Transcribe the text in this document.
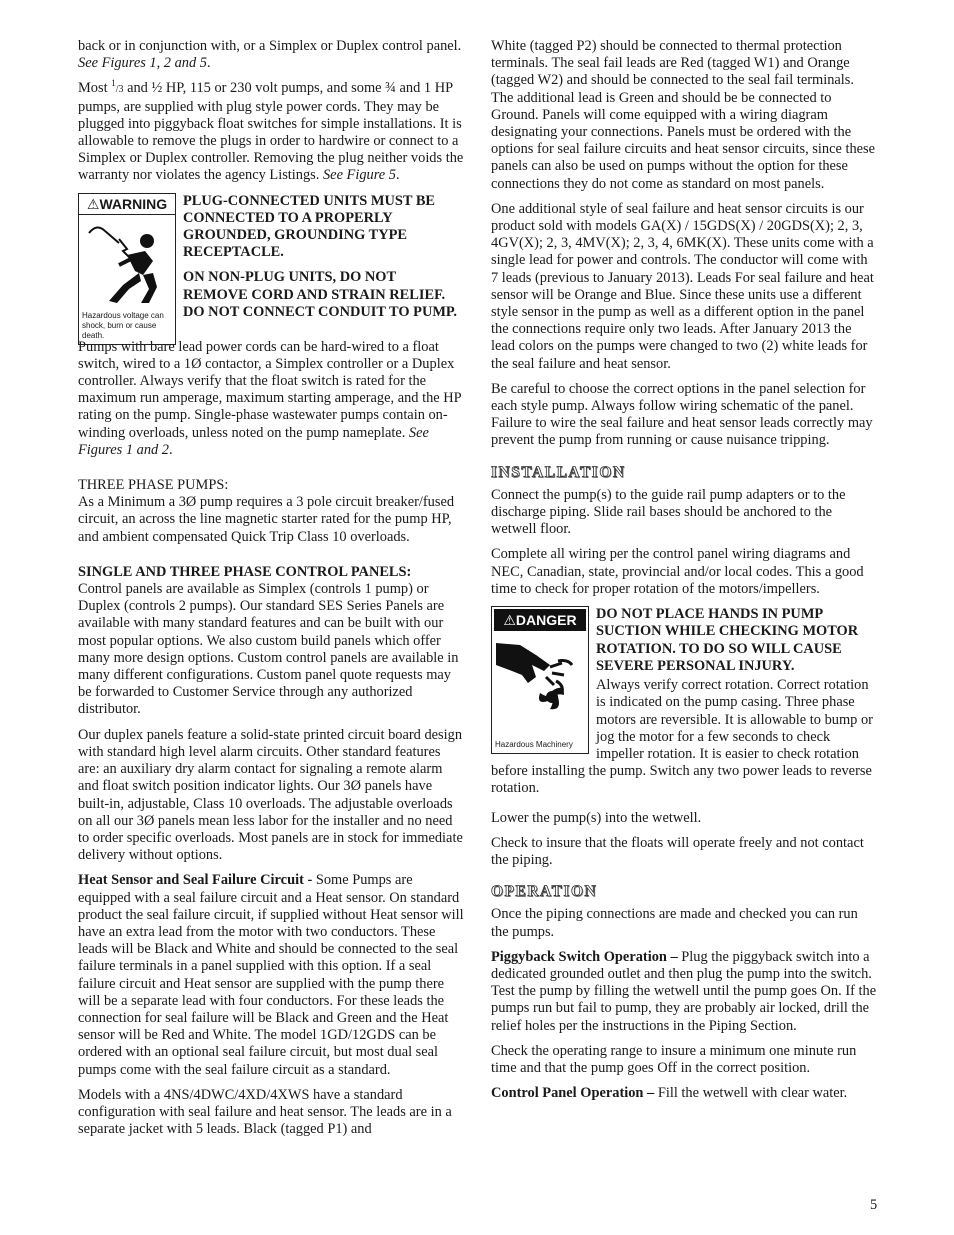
back or in conjunction with, or a Simplex or Duplex control panel. See Figures 1, 2 and 5.

Most $^1$/3 and ½ HP, 115 or 230 volt pumps, and some ¾ and 1 HP pumps, are supplied with plug style power cords. They may be plugged into piggyback float switches for simple installations. It is allowable to remove the plugs in order to hardwire or connect to a Simplex or Duplex controller. Removing the plug neither voids the warranty nor violates the agency Listings. See Figure 5.

⚠WARNING
Hazardous voltage can shock, burn or cause death.

PLUG-CONNECTED UNITS MUST BE CONNECTED TO A PROPERLY GROUNDED, GROUNDING TYPE RECEPTACLE.

ON NON-PLUG UNITS, DO NOT REMOVE CORD AND STRAIN RELIEF. DO NOT CONNECT CONDUIT TO PUMP.

Pumps with bare lead power cords can be hard-wired to a float switch, wired to a 1Ø contactor, a Simplex controller or a Duplex controller. Always verify that the float switch is rated for the maximum run amperage, maximum starting amperage, and the HP rating on the pump. Single-phase wastewater pumps contain on-winding overloads, unless noted on the pump nameplate. See Figures 1 and 2.

THREE PHASE PUMPS:
As a Minimum a 3Ø pump requires a 3 pole circuit breaker/fused circuit, an across the line magnetic starter rated for the pump HP, and ambient compensated Quick Trip Class 10 overloads.

SINGLE AND THREE PHASE CONTROL PANELS:
Control panels are available as Simplex (controls 1 pump) or Duplex (controls 2 pumps). Our standard SES Series Panels are available with many standard features and can be built with our most popular options. We also custom build panels which offer many more design options. Custom control panels are available in many different configurations. Custom panel quote requests may be forwarded to Customer Service through any authorized distributor.

Our duplex panels feature a solid-state printed circuit board design with standard high level alarm circuits. Other standard features are: an auxiliary dry alarm contact for signaling a remote alarm and float switch position indicator lights. Our 3Ø panels have built-in, adjustable, Class 10 overloads. The adjustable overloads on all our 3Ø panels mean less labor for the installer and no need to order specific overloads. Most panels are in stock for immediate delivery without options.

Heat Sensor and Seal Failure Circuit - Some Pumps are equipped with a seal failure circuit and a Heat sensor. On standard product the seal failure circuit, if supplied without Heat sensor will have an extra lead from the motor with two conductors. These leads will be Black and White and should be connected to the seal failure terminals in a panel supplied with this option. If a seal failure circuit and Heat sensor are supplied with the pump there will be a separate lead with four conductors. For these leads the connection for seal failure will be Black and Green and the Heat sensor will be Red and White. The model 1GD/12GDS can be ordered with an optional seal failure circuit, but most dual seal pumps come with the seal failure circuit as a standard.

Models with a 4NS/4DWC/4XD/4XWS have a standard configuration with seal failure and heat sensor. The leads are in a separate jacket with 5 leads. Black (tagged P1) and

White (tagged P2) should be connected to thermal protection terminals. The seal fail leads are Red (tagged W1) and Orange (tagged W2) and should be connected to the seal fail terminals. The additional lead is Green and should be be connected to Ground. Panels will come equipped with a wiring diagram designating your connections. Panels must be ordered with the options for seal failure circuits and heat sensor circuits, since these panels can also be used on pumps without the option for these connections they do not come as standard on most panels.

One additional style of seal failure and heat sensor circuits is our product sold with models GA(X) / 15GDS(X) / 20GDS(X); 2, 3, 4GV(X); 2, 3, 4MV(X); 2, 3, 4, 6MK(X). These units come with a single lead for power and controls. The conductor will come with 7 leads (previous to January 2013). Leads For seal failure and heat sensor will be Orange and Blue. Since these units use a different style sensor in the pump as well as a different option in the panel the connections require only two leads. After January 2013 the lead colors on the pumps were changed to two (2) white leads for the seal failure and heat sensor.

Be careful to choose the correct options in the panel selection for each style pump. Always follow wiring schematic of the panel. Failure to wire the seal failure and heat sensor leads correctly may prevent the pump from running or cause nuisance tripping.

INSTALLATION

Connect the pump(s) to the guide rail pump adapters or to the discharge piping. Slide rail bases should be anchored to the wetwell floor.

Complete all wiring per the control panel wiring diagrams and NEC, Canadian, state, provincial and/or local codes. This a good time to check for proper rotation of the motors/impellers.

⚠DANGER
Hazardous Machinery

DO NOT PLACE HANDS IN PUMP SUCTION WHILE CHECKING MOTOR ROTATION. TO DO SO WILL CAUSE SEVERE PERSONAL INJURY.

Always verify correct rotation. Correct rotation is indicated on the pump casing. Three phase motors are reversible. It is allowable to bump or jog the motor for a few seconds to check impeller rotation. It is easier to check rotation before installing the pump. Switch any two power leads to reverse rotation.

Lower the pump(s) into the wetwell.

Check to insure that the floats will operate freely and not contact the piping.

OPERATION

Once the piping connections are made and checked you can run the pumps.

Piggyback Switch Operation – Plug the piggyback switch into a dedicated grounded outlet and then plug the pump into the switch. Test the pump by filling the wetwell until the pump goes On. If the pumps run but fail to pump, they are probably air locked, drill the relief holes per the instructions in the Piping Section.

Check the operating range to insure a minimum one minute run time and that the pump goes Off in the correct position.

Control Panel Operation – Fill the wetwell with clear water.

5
